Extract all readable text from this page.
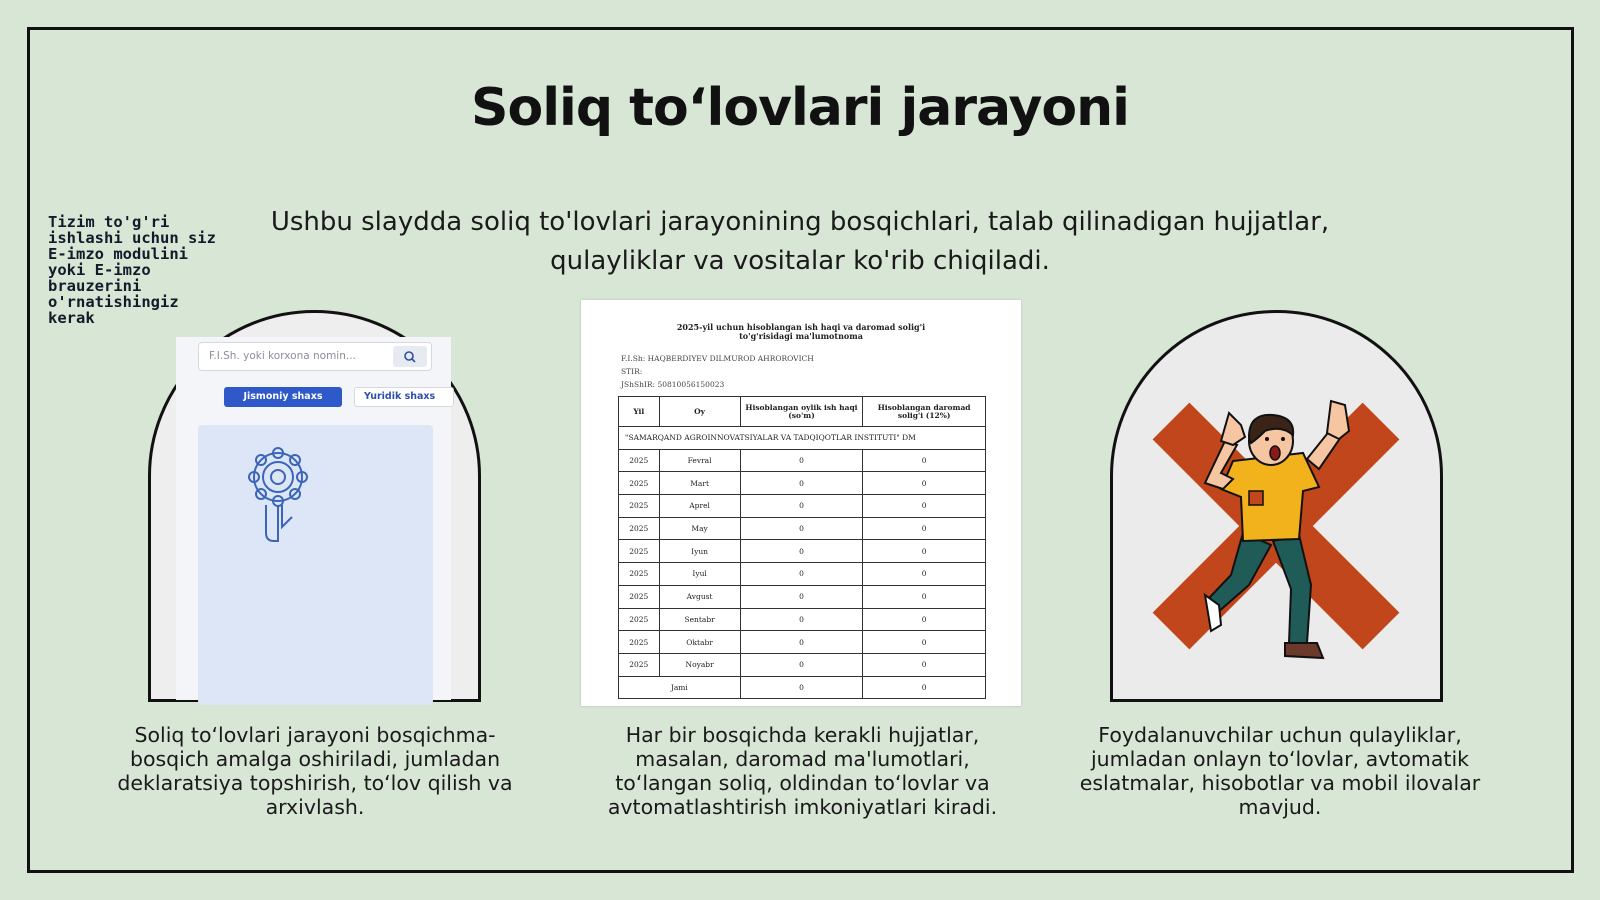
Soliq to‘lovlari jarayoni

Ushbu slaydda soliq to'lovlari jarayonining bosqichlari, talab qilinadigan hujjatlar, qulayliklar va vositalar ko'rib chiqiladi.

F.I.Sh. yoki korxona nomin...
Jismoniy shaxs	Yuridik shaxs
Tizim to'g'ri ishlashi uchun siz E-imzo modulini yoki E-imzo brauzerini o'rnatishingiz kerak	2025-yil uchun hisoblangan ish haqi va daromad solig'i to'g'risidagi ma'lumotnoma
F.I.Sh: HAQBERDIYEV DILMUROD AHROROVICH
STIR:
JShShIR: 50810056150023
Yil	Oy	Hisoblangan oylik ish haqi (so'm)	Hisoblangan daromad solig'i (12%)
"SAMARQAND AGROINNOVATSIYALAR VA TADQIQOTLAR INSTITUTI" DM			
2025	Fevral	0	0
2025	Mart	0	0
2025	Aprel	0	0
2025	May	0	0
2025	Iyun	0	0
2025	Iyul	0	0
2025	Avgust	0	0
2025	Sentabr	0	0
2025	Oktabr	0	0
2025	Noyabr	0	0
Jami		0	0

Soliq to‘lovlari jarayoni bosqichma-bosqich amalga oshiriladi, jumladan deklaratsiya topshirish, to‘lov qilish va arxivlash.

Har bir bosqichda kerakli hujjatlar, masalan, daromad ma'lumotlari, to‘langan soliq, oldindan to‘lovlar va avtomatlashtirish imkoniyatlari kiradi.

Foydalanuvchilar uchun qulayliklar, jumladan onlayn to‘lovlar, avtomatik eslatmalar, hisobotlar va mobil ilovalar mavjud.
